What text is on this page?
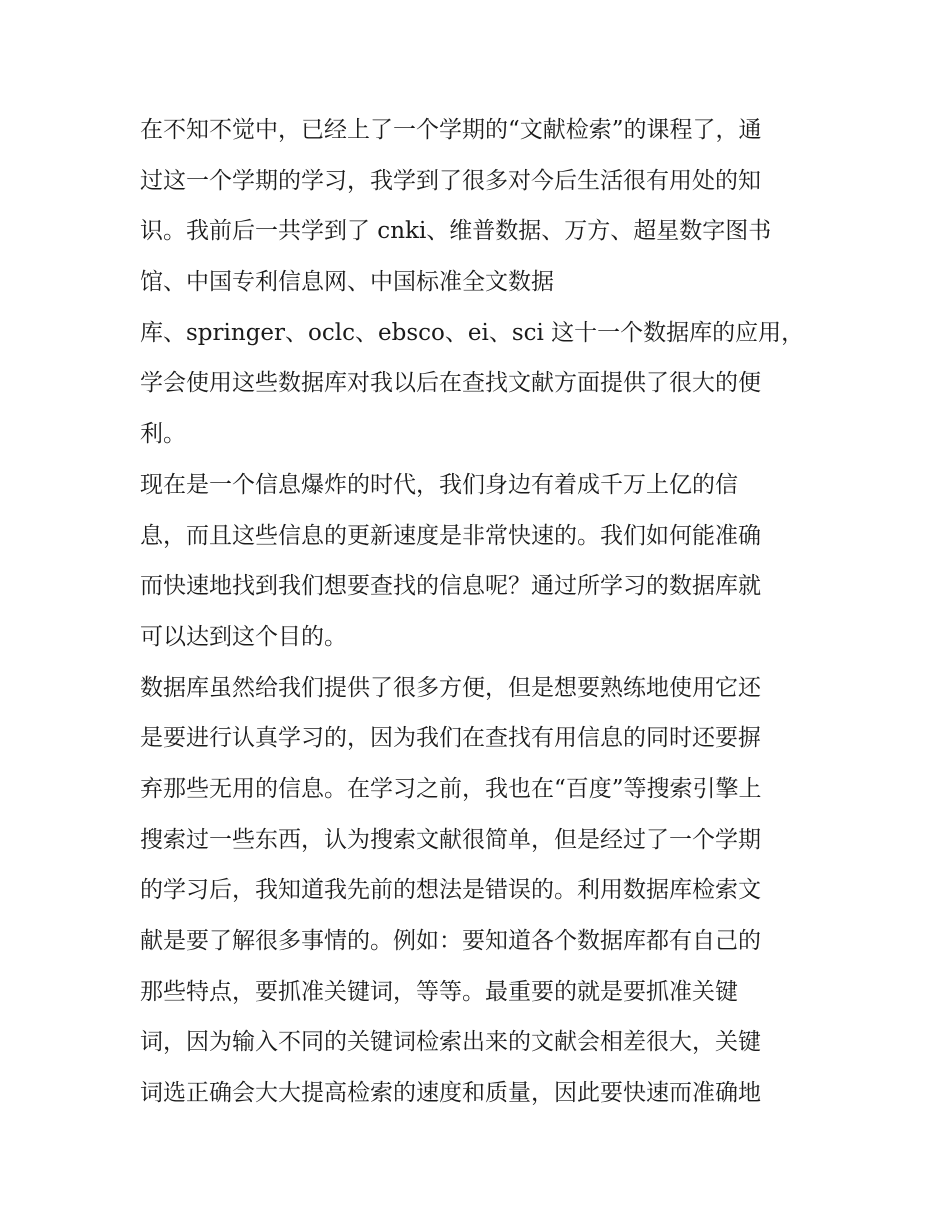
在不知不觉中，已经上了一个学期的“文献检索”的课程了，通
过这一个学期的学习，我学到了很多对今后生活很有用处的知
识。我前后一共学到了 cnki、维普数据、万方、超星数字图书
馆、中国专利信息网、中国标准全文数据
库、springer、oclc、ebsco、ei、sci 这十一个数据库的应用，
学会使用这些数据库对我以后在查找文献方面提供了很大的便
利。
现在是一个信息爆炸的时代，我们身边有着成千万上亿的信
息，而且这些信息的更新速度是非常快速的。我们如何能准确
而快速地找到我们想要查找的信息呢？通过所学习的数据库就
可以达到这个目的。
数据库虽然给我们提供了很多方便，但是想要熟练地使用它还
是要进行认真学习的，因为我们在查找有用信息的同时还要摒
弃那些无用的信息。在学习之前，我也在“百度”等搜索引擎上
搜索过一些东西，认为搜索文献很简单，但是经过了一个学期
的学习后，我知道我先前的想法是错误的。利用数据库检索文
献是要了解很多事情的。例如：要知道各个数据库都有自己的
那些特点，要抓准关键词，等等。最重要的就是要抓准关键
词，因为输入不同的关键词检索出来的文献会相差很大，关键
词选正确会大大提高检索的速度和质量，因此要快速而准确地
